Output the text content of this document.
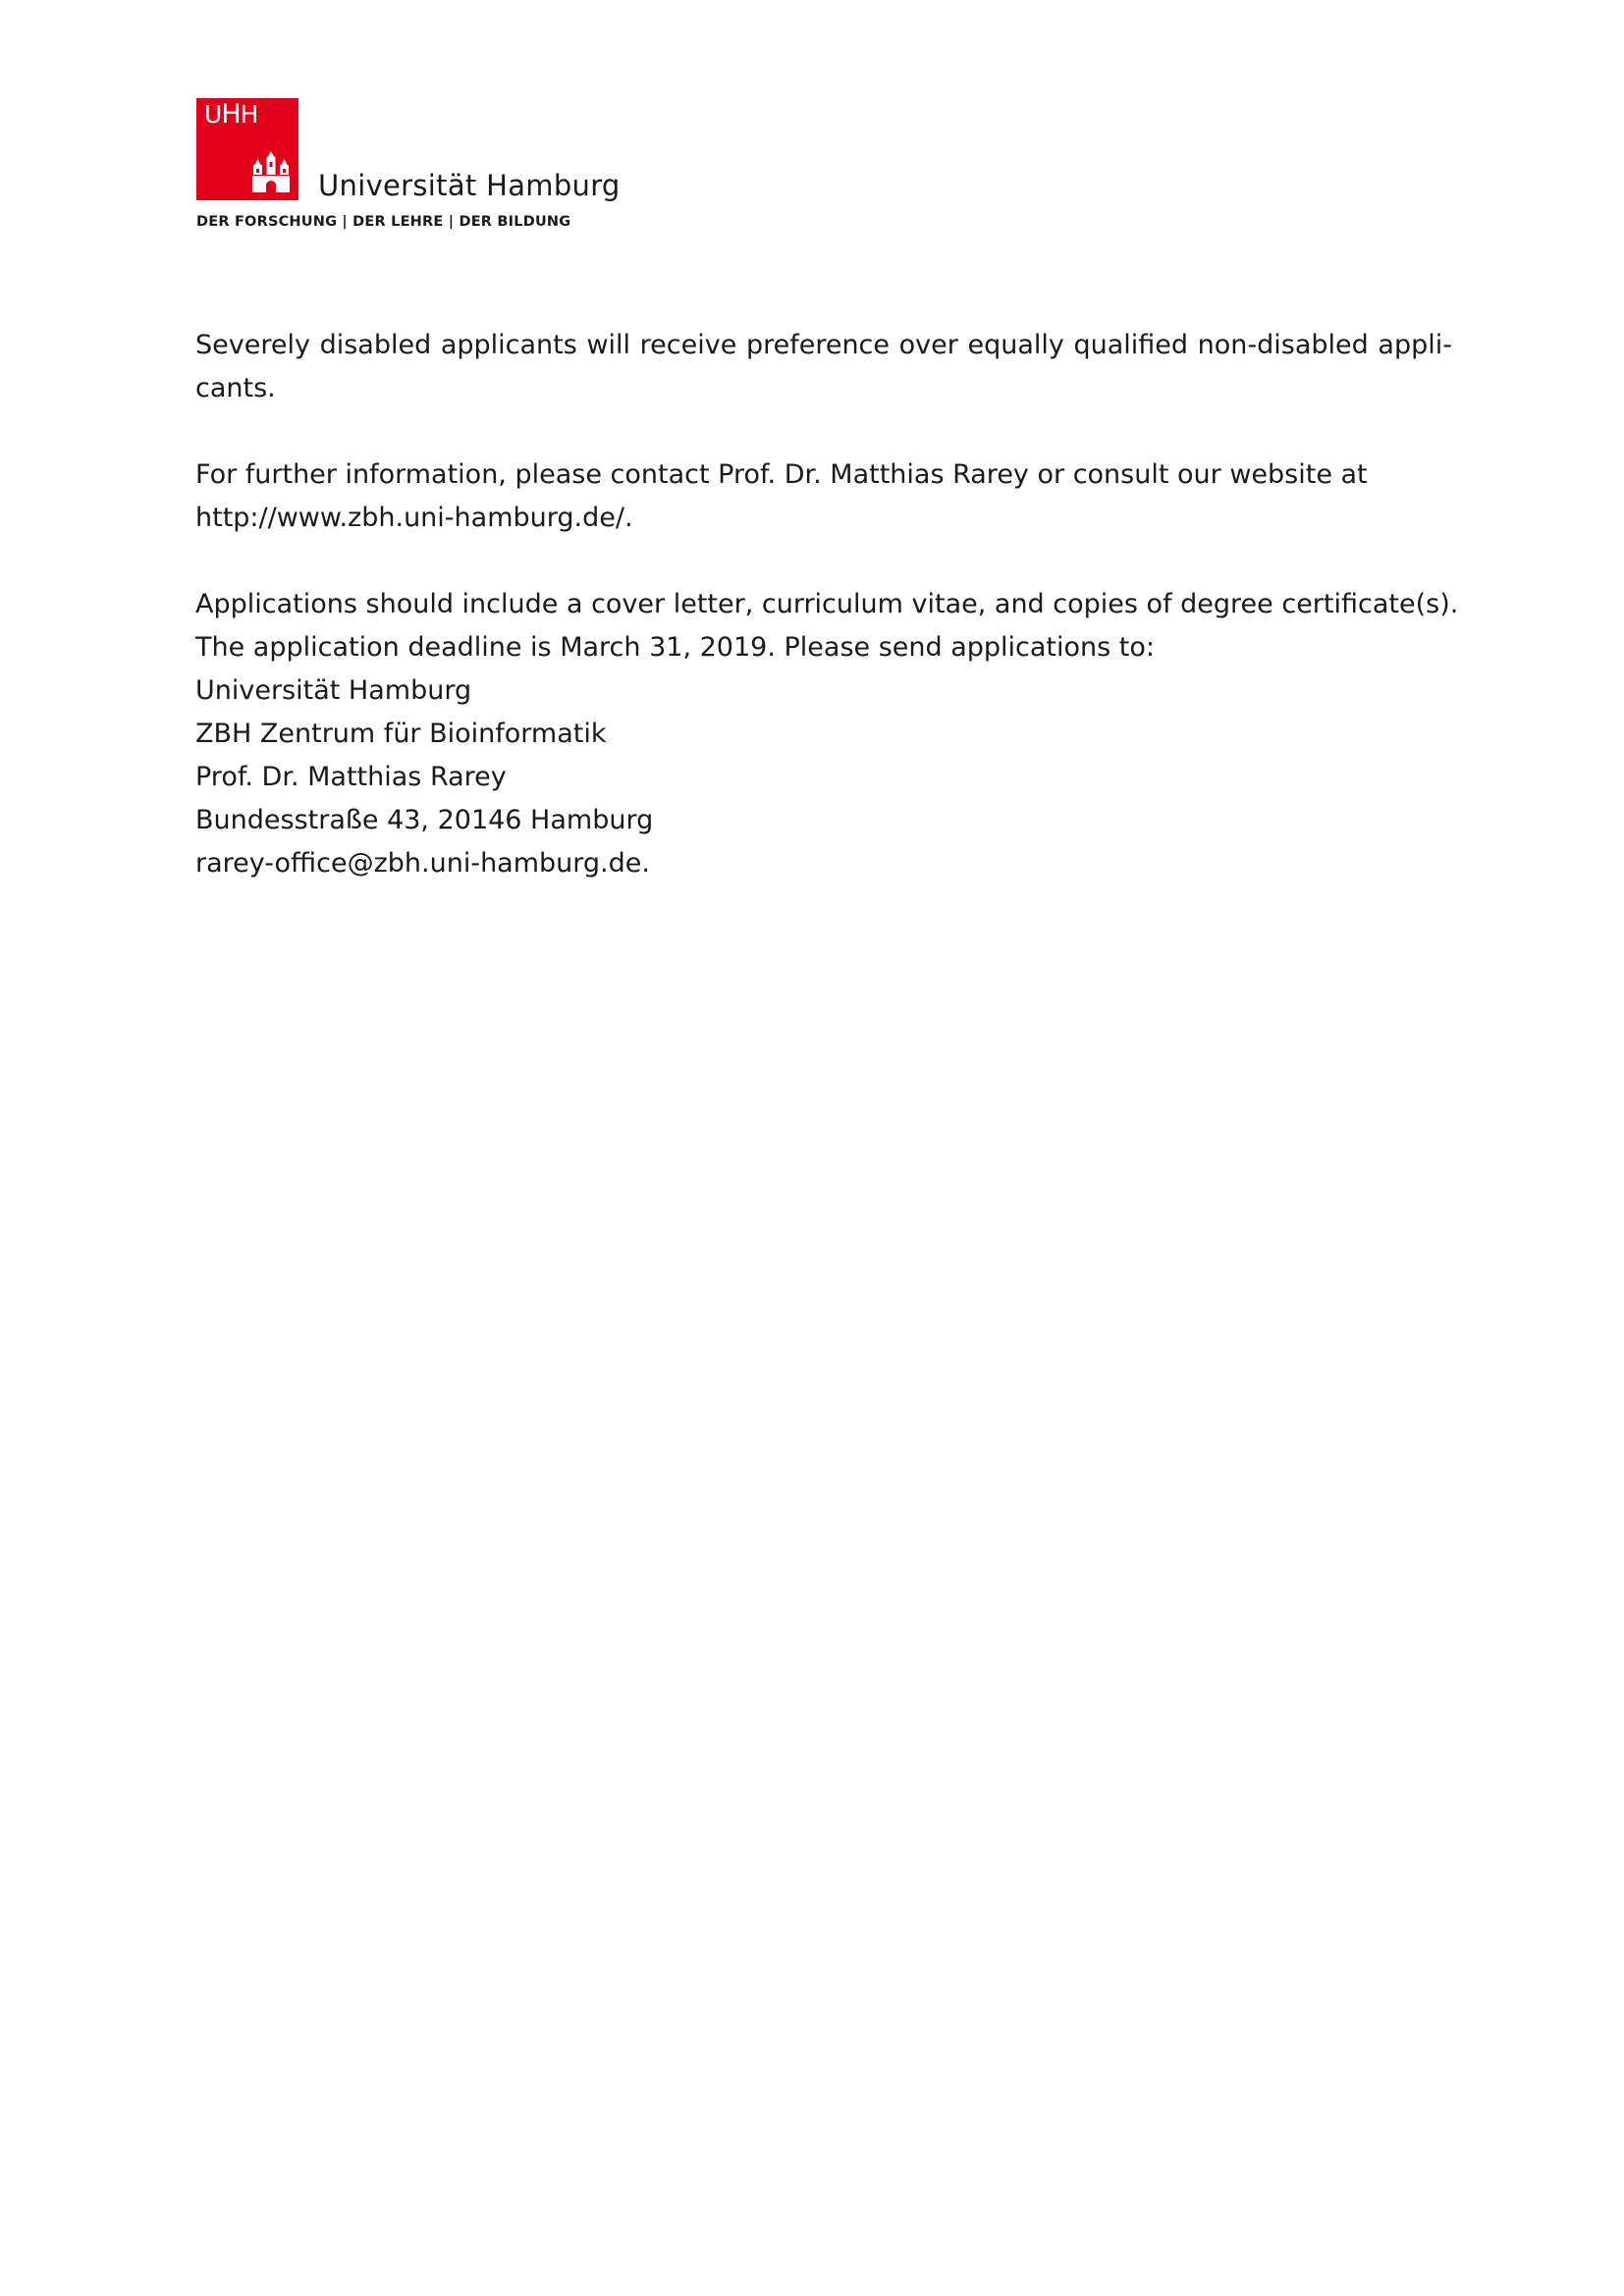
UHH
Universität Hamburg
DER FORSCHUNG | DER LEHRE | DER BILDUNG

Severely disabled applicants will receive preference over equally qualified non-disabled appli-
cants.

For further information, please contact Prof. Dr. Matthias Rarey or consult our website at
http://www.zbh.uni-hamburg.de/.

Applications should include a cover letter, curriculum vitae, and copies of degree certificate(s).
The application deadline is March 31, 2019. Please send applications to:
Universität Hamburg
ZBH Zentrum für Bioinformatik
Prof. Dr. Matthias Rarey
Bundesstraße 43, 20146 Hamburg
rarey-office@zbh.uni-hamburg.de.
